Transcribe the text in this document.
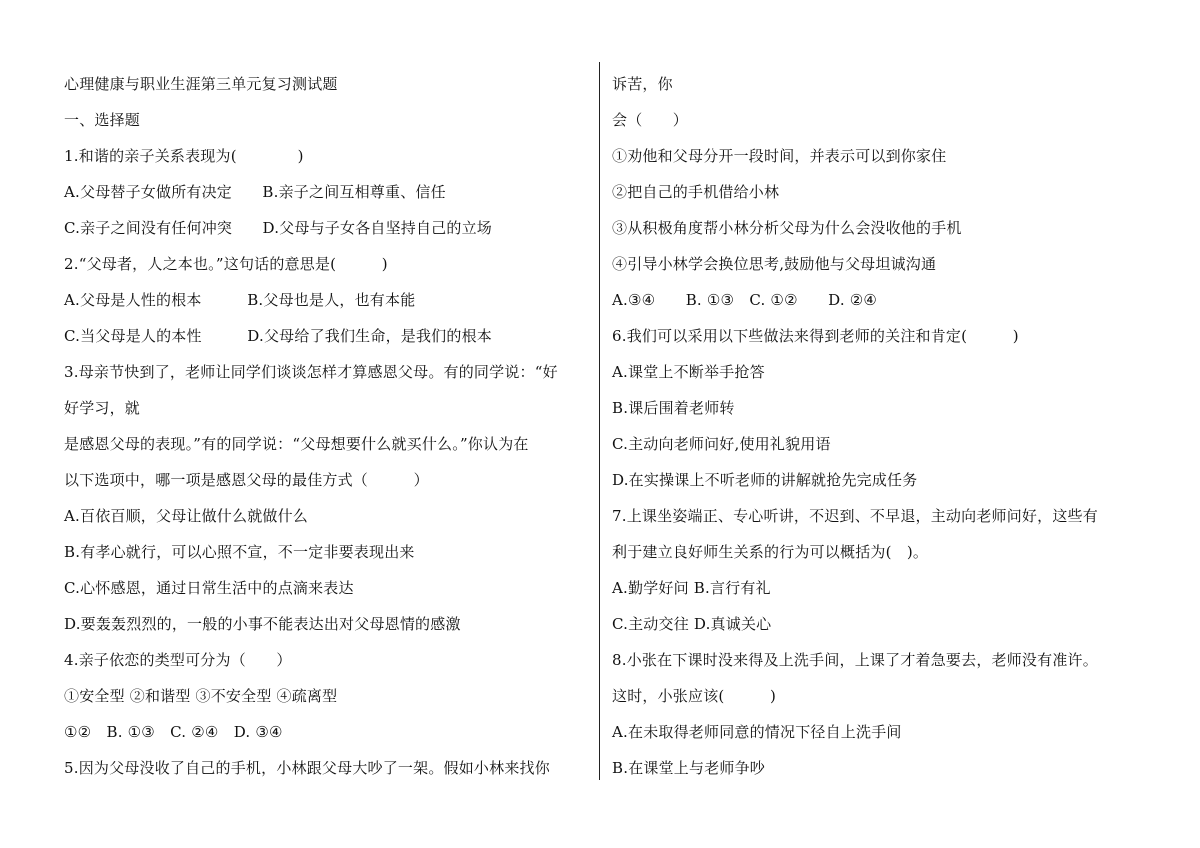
心理健康与职业生涯第三单元复习测试题
一、选择题
1.和谐的亲子关系表现为(　　　　)
A.父母替子女做所有决定　　B.亲子之间互相尊重、信任
C.亲子之间没有任何冲突　　D.父母与子女各自坚持自己的立场
2.“父母者，人之本也。”这句话的意思是(　　　)
A.父母是人性的根本　　　B.父母也是人，也有本能
C.当父母是人的本性　　　D.父母给了我们生命，是我们的根本
3.母亲节快到了，老师让同学们谈谈怎样才算感恩父母。有的同学说：“好
好学习，就
是感恩父母的表现。”有的同学说：“父母想要什么就买什么。”你认为在
以下选项中，哪一项是感恩父母的最佳方式（　　　）
A.百依百顺，父母让做什么就做什么
B.有孝心就行，可以心照不宣，不一定非要表现出来
C.心怀感恩，通过日常生活中的点滴来表达
D.要轰轰烈烈的，一般的小事不能表达出对父母恩情的感激
4.亲子依恋的类型可分为（　　）
①安全型 ②和谐型 ③不安全型 ④疏离型
①②　B. ①③　C. ②④　D. ③④
5.因为父母没收了自己的手机，小林跟父母大吵了一架。假如小林来找你
诉苦，你
会（　　）
①劝他和父母分开一段时间，并表示可以到你家住
②把自己的手机借给小林
③从积极角度帮小林分析父母为什么会没收他的手机
④引导小林学会换位思考,鼓励他与父母坦诚沟通
A.③④　　B. ①③　C. ①②　　D. ②④
6.我们可以采用以下些做法来得到老师的关注和肯定(　　　)
A.课堂上不断举手抢答
B.课后围着老师转
C.主动向老师问好,使用礼貌用语
D.在实操课上不听老师的讲解就抢先完成任务
7.上课坐姿端正、专心听讲，不迟到、不早退，主动向老师问好，这些有
利于建立良好师生关系的行为可以概括为(　)。
A.勤学好问 B.言行有礼
C.主动交往 D.真诚关心
8.小张在下课时没来得及上洗手间，上课了才着急要去，老师没有准许。
这时，小张应该(　　　)
A.在未取得老师同意的情况下径自上洗手间
B.在课堂上与老师争吵
